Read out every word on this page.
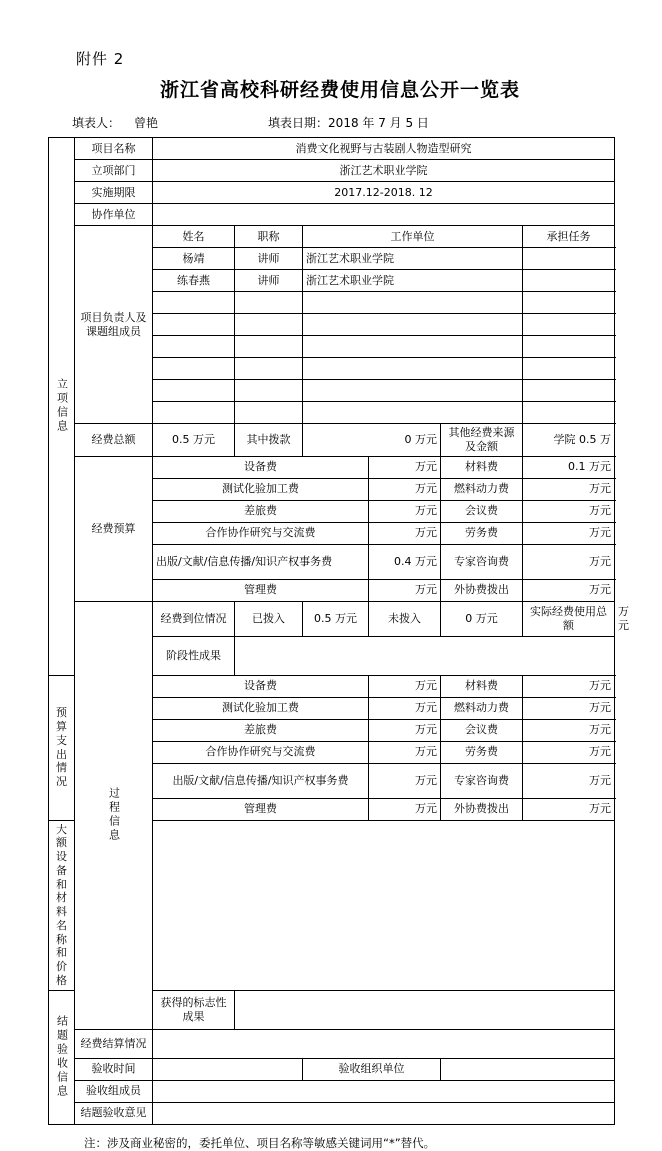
附件 2
浙江省高校科研经费使用信息公开一览表
填表人： 曾艳	填表日期： 2018 年 7 月 5 日
立项信息	项目名称	消费文化视野与古装剧人物造型研究						
	立项部门	浙江艺术职业学院						
	实施期限	2017.12-2018. 12						
	协作单位							
	项目负责人及课题组成员	姓名	职称	工作单位			承担任务	
		杨靖	讲师	浙江艺术职业学院				
		练春燕	讲师	浙江艺术职业学院				

	经费总额	0.5 万元	其中拨款	0 万元		其他经费来源及金额	学院 0.5 万	
	经费预算	设备费			万元	材料费	0.1 万元	
		测试化验加工费			万元	燃料动力费	万元	
		差旅费			万元	会议费	万元	
		合作协作研究与交流费			万元	劳务费	万元	
		出版/文献/信息传播/知识产权事务费			0.4 万元	专家咨询费	万元	
		管理费			万元	外协费拨出	万元	

	过程信息	经费到位情况	已拨入	0.5 万元	未拨入	0 万元	实际经费使用总额	万元
		阶段性成果						
预算支出情况		设备费			万元	材料费	万元	
		测试化验加工费			万元	燃料动力费	万元	
		差旅费			万元	会议费	万元	
		合作协作研究与交流费			万元	劳务费	万元	
		出版/文献/信息传播/知识产权事务费			万元	专家咨询费	万元	
		管理费			万元	外协费拨出	万元	
大额设备和材料名称和价格								

结题验收信息		获得的标志性成果						
	经费结算情况							
	验收时间			验收组织单位				
	验收组成员							
	结题验收意见							
注：涉及商业秘密的，委托单位、项目名称等敏感关键词用“*”替代。
